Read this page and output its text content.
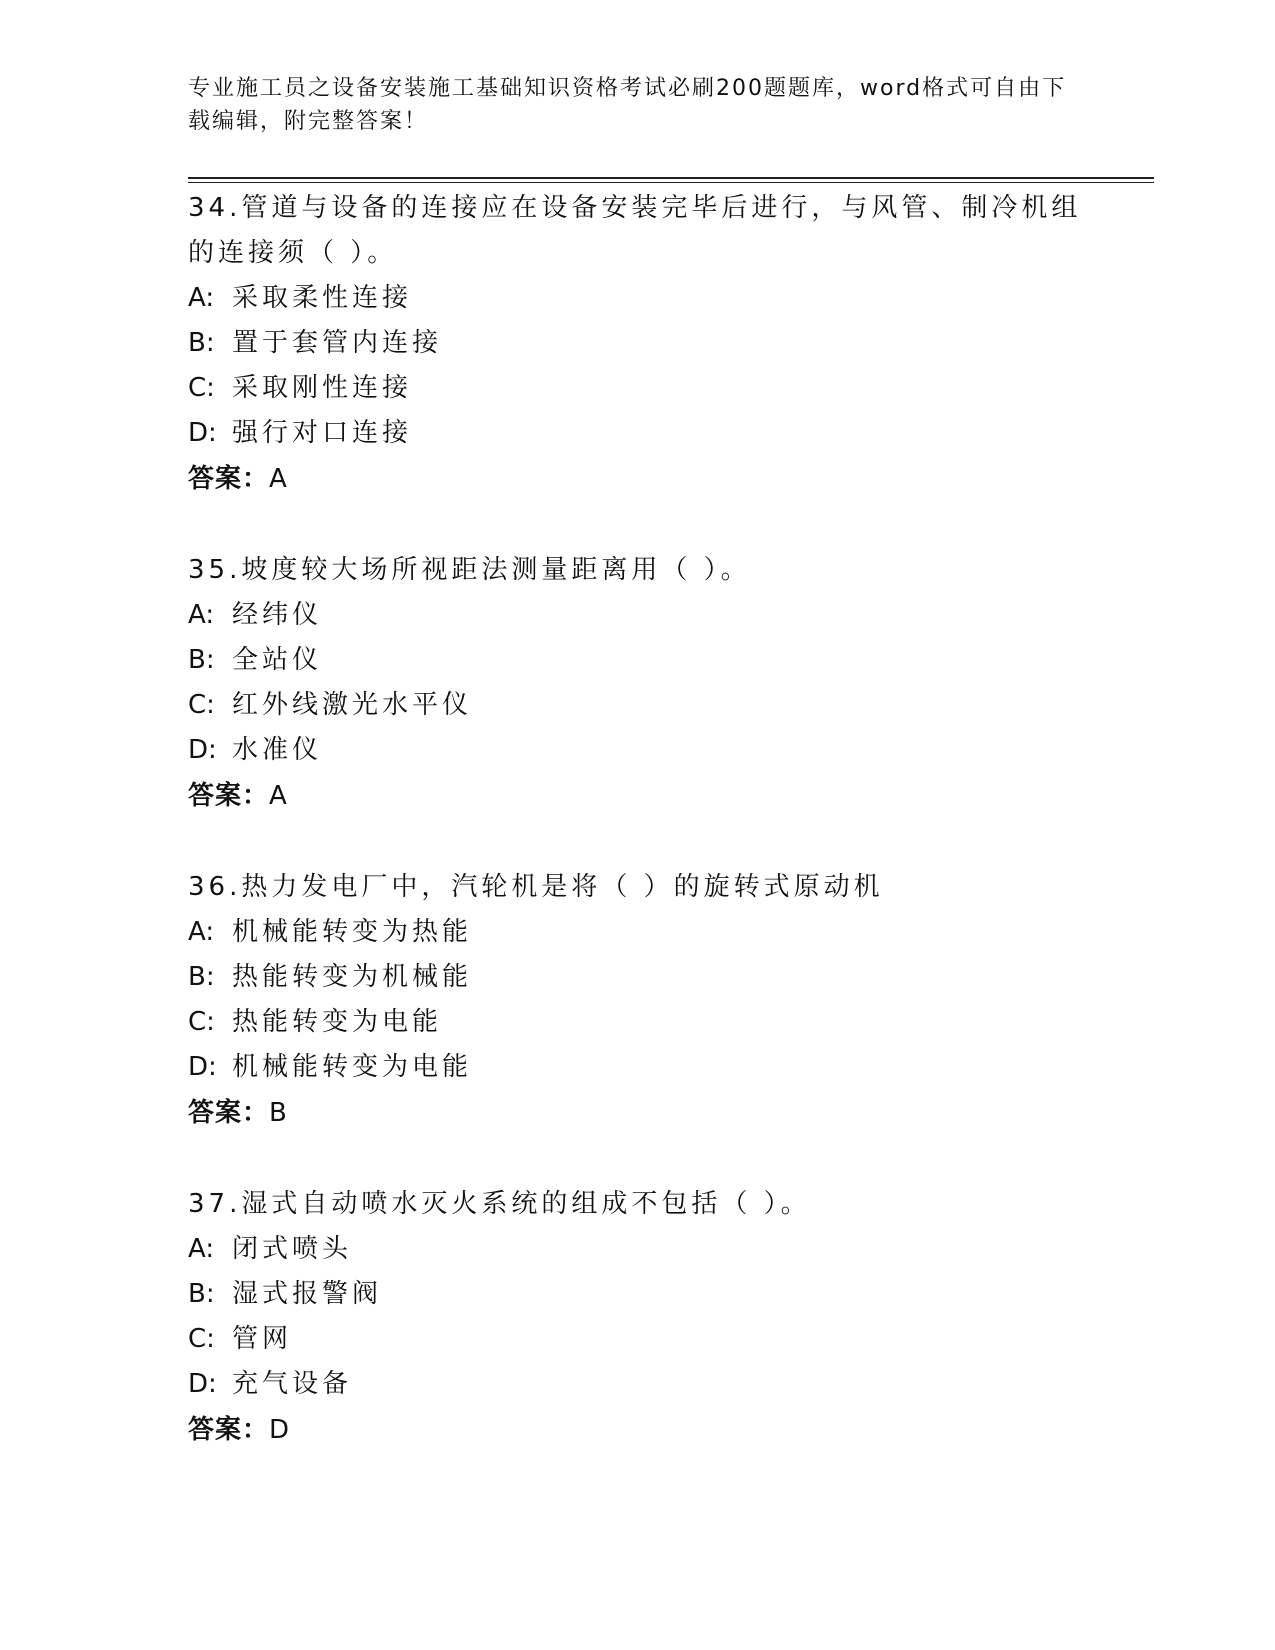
专业施工员之设备安装施工基础知识资格考试必刷200题题库，word格式可自由下载编辑，附完整答案！

34.管道与设备的连接应在设备安装完毕后进行，与风管、制冷机组的连接须（ ）。

A: 采取柔性连接
B: 置于套管内连接
C: 采取刚性连接
D: 强行对口连接
答案：A

35.坡度较大场所视距法测量距离用（ ）。

A: 经纬仪
B: 全站仪
C: 红外线激光水平仪
D: 水准仪
答案：A

36.热力发电厂中，汽轮机是将（ ）的旋转式原动机

A: 机械能转变为热能
B: 热能转变为机械能
C: 热能转变为电能
D: 机械能转变为电能
答案：B

37.湿式自动喷水灭火系统的组成不包括（ ）。

A: 闭式喷头
B: 湿式报警阀
C: 管网
D: 充气设备
答案：D
